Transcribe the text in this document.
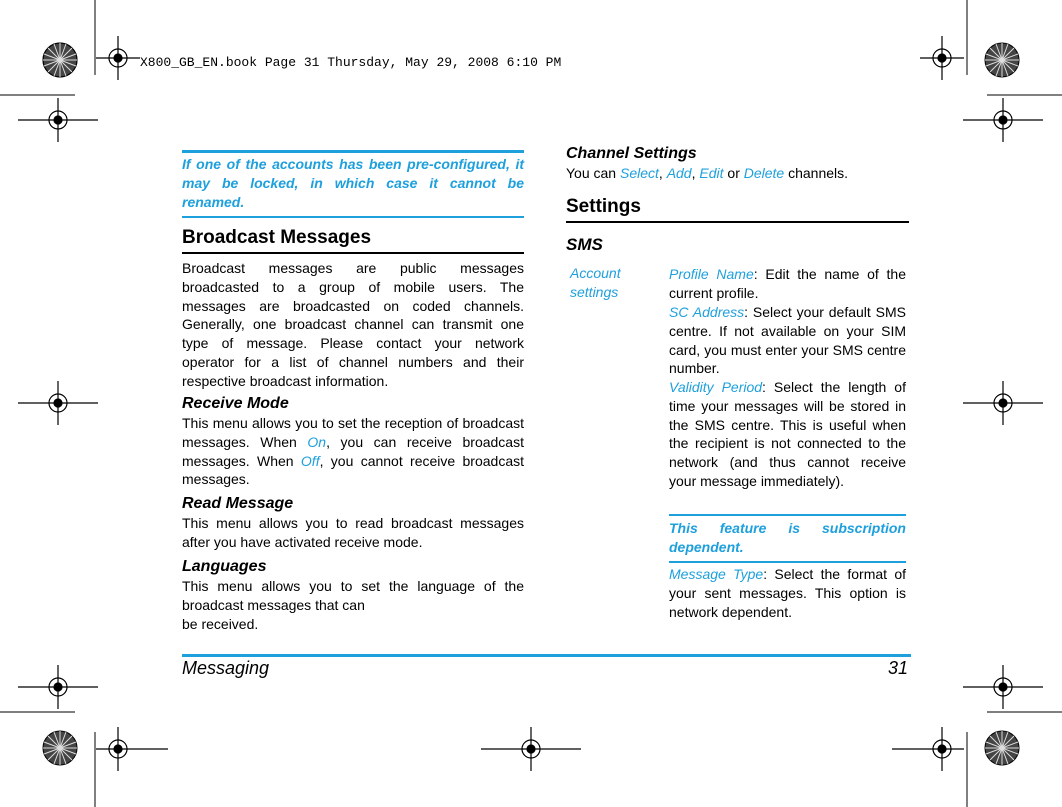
X800_GB_EN.book Page 31 Thursday, May 29, 2008 6:10 PM
If one of the accounts has been pre-configured, it may be locked, in which case it cannot be renamed.
Broadcast Messages
Broadcast messages are public messages broadcasted to a group of mobile users. The messages are broadcasted on coded channels. Generally, one broadcast channel can transmit one type of message. Please contact your network operator for a list of channel numbers and their respective broadcast information.
Receive Mode
This menu allows you to set the reception of broadcast messages. When On, you can receive broadcast messages. When Off, you cannot receive broadcast messages.
Read Message
This menu allows you to read broadcast messages after you have activated receive mode.
Languages
This menu allows you to set the language of the broadcast messages that can
be received.
Channel Settings
You can Select, Add, Edit or Delete channels.
Settings
SMS
Account settings
Profile Name: Edit the name of the current profile.
SC Address: Select your default SMS centre. If not available on your SIM card, you must enter your SMS centre number.
Validity Period: Select the length of time your messages will be stored in the SMS centre. This is useful when the recipient is not connected to the network (and thus cannot receive your message immediately).
This feature is subscription dependent.
Message Type: Select the format of your sent messages. This option is network dependent.
Messaging	31
